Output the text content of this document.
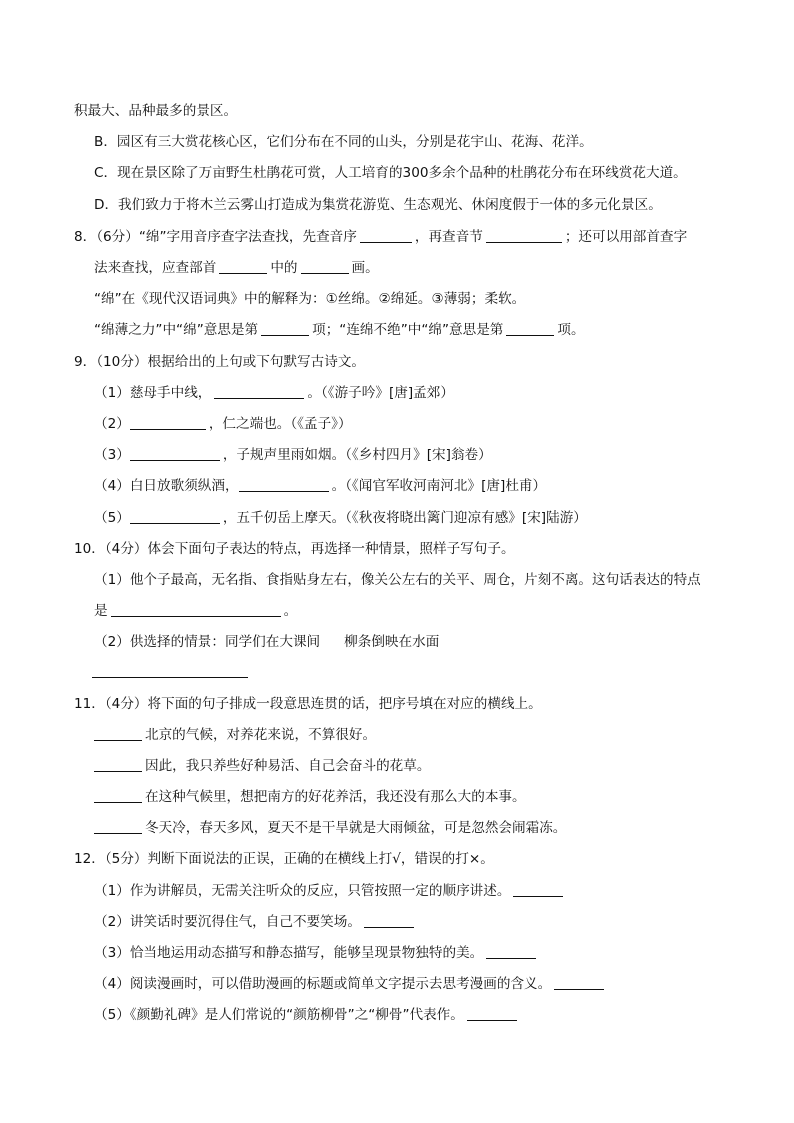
积最大、品种最多的景区。
B．园区有三大赏花核心区，它们分布在不同的山头，分别是花宇山、花海、花洋。
C．现在景区除了万亩野生杜鹃花可赏，人工培育的300多余个品种的杜鹃花分布在环线赏花大道。
D．我们致力于将木兰云雾山打造成为集赏花游览、生态观光、休闲度假于一体的多元化景区。
8．（6分）“绵”字用音序查字法查找，先查音序	，再查音节	；还可以用部首查字
法来查找，应查部首	中的	画。
“绵”在《现代汉语词典》中的解释为：①丝绵。②绵延。③薄弱；柔软。
“绵薄之力”中“绵”意思是第	项；“连绵不绝”中“绵”意思是第	项。
9．（10分）根据给出的上句或下句默写古诗文。
（1）慈母手中线，	。（《游子吟》[唐]孟郊）
（2）	，仁之端也。（《孟子》）
（3）	，子规声里雨如烟。（《乡村四月》[宋]翁卷）
（4）白日放歌须纵酒，	。（《闻官军收河南河北》[唐]杜甫）
（5）	，五千仞岳上摩天。（《秋夜将晓出篱门迎凉有感》[宋]陆游）
10．（4分）体会下面句子表达的特点，再选择一种情景，照样子写句子。
（1）他个子最高，无名指、食指贴身左右，像关公左右的关平、周仓，片刻不离。这句话表达的特点
是	。
（2）供选择的情景：同学们在大课间 柳条倒映在水面
11．（4分）将下面的句子排成一段意思连贯的话，把序号填在对应的横线上。
北京的气候，对养花来说，不算很好。
因此，我只养些好种易活、自己会奋斗的花草。
在这种气候里，想把南方的好花养活，我还没有那么大的本事。
冬天冷，春天多风，夏天不是干旱就是大雨倾盆，可是忽然会闹霜冻。
12．（5分）判断下面说法的正误，正确的在横线上打√，错误的打×。
（1）作为讲解员，无需关注听众的反应，只管按照一定的顺序讲述。
（2）讲笑话时要沉得住气，自己不要笑场。
（3）恰当地运用动态描写和静态描写，能够呈现景物独特的美。
（4）阅读漫画时，可以借助漫画的标题或简单文字提示去思考漫画的含义。
（5）《颜勤礼碑》是人们常说的“颜筋柳骨”之“柳骨”代表作。
